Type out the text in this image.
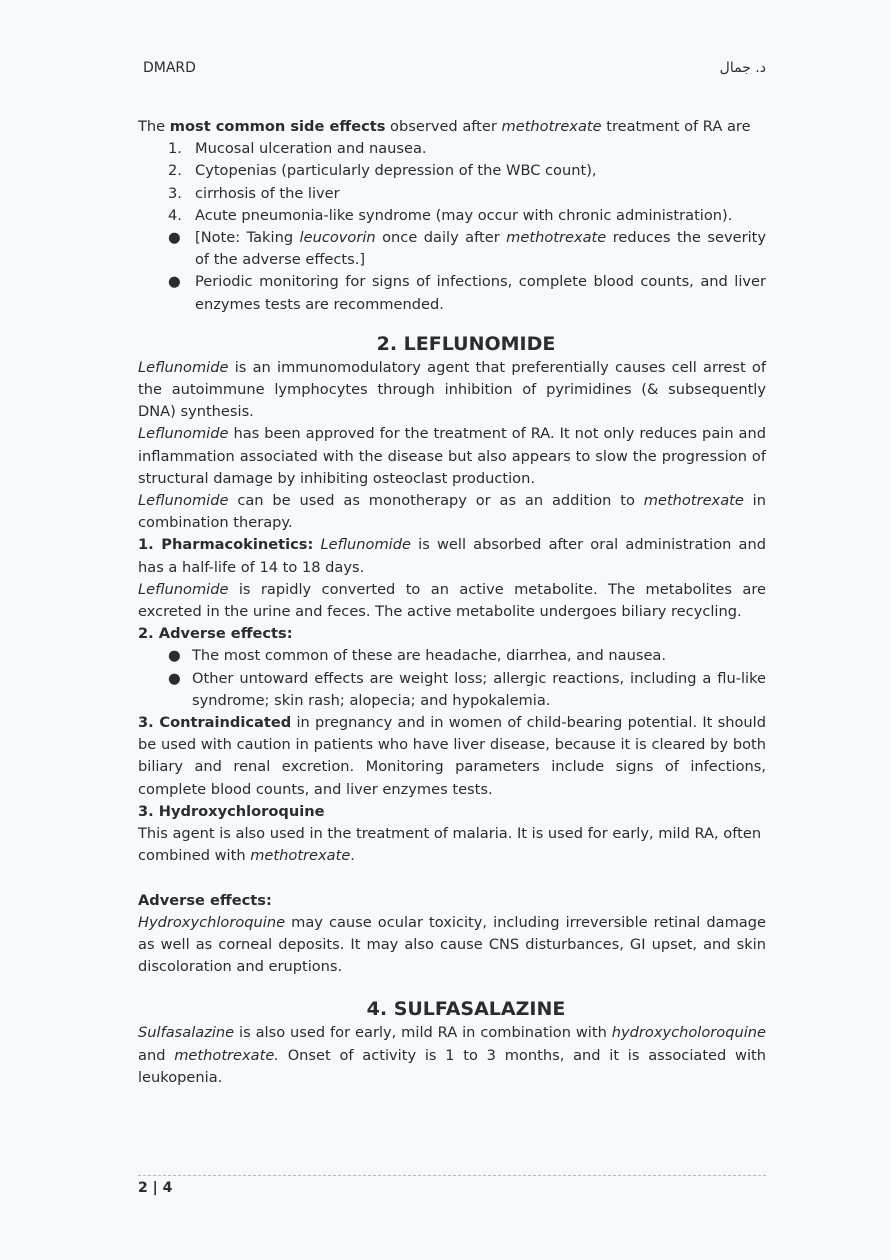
DMARD	د. جمال

The most common side effects observed after methotrexate treatment of RA are

1. Mucosal ulceration and nausea.
2. Cytopenias (particularly depression of the WBC count),
3. cirrhosis of the liver
4. Acute pneumonia-like syndrome (may occur with chronic administration).
● [Note: Taking leucovorin once daily after methotrexate reduces the severity of the adverse effects.]
● Periodic monitoring for signs of infections, complete blood counts, and liver enzymes tests are recommended.
2. LEFLUNOMIDE

Leflunomide is an immunomodulatory agent that preferentially causes cell arrest of the autoimmune lymphocytes through inhibition of pyrimidines (& subsequently DNA) synthesis.

Leflunomide has been approved for the treatment of RA. It not only reduces pain and inflammation associated with the disease but also appears to slow the progression of structural damage by inhibiting osteoclast production.

Leflunomide can be used as monotherapy or as an addition to methotrexate in combination therapy.

1. Pharmacokinetics: Leflunomide is well absorbed after oral administration and has a half-life of 14 to 18 days.

Leflunomide is rapidly converted to an active metabolite. The metabolites are excreted in the urine and feces. The active metabolite undergoes biliary recycling.

2. Adverse effects:

● The most common of these are headache, diarrhea, and nausea.
● Other untoward effects are weight loss; allergic reactions, including a flu-like syndrome; skin rash; alopecia; and hypokalemia.

3. Contraindicated in pregnancy and in women of child-bearing potential. It should be used with caution in patients who have liver disease, because it is cleared by both biliary and renal excretion. Monitoring parameters include signs of infections, complete blood counts, and liver enzymes tests.

3. Hydroxychloroquine

This agent is also used in the treatment of malaria. It is used for early, mild RA, often combined with methotrexate.

Adverse effects:

Hydroxychloroquine may cause ocular toxicity, including irreversible retinal damage as well as corneal deposits. It may also cause CNS disturbances, GI upset, and skin discoloration and eruptions.

4. SULFASALAZINE

Sulfasalazine is also used for early, mild RA in combination with hydroxycholoroquine and methotrexate. Onset of activity is 1 to 3 months, and it is associated with leukopenia.

2 | 4
